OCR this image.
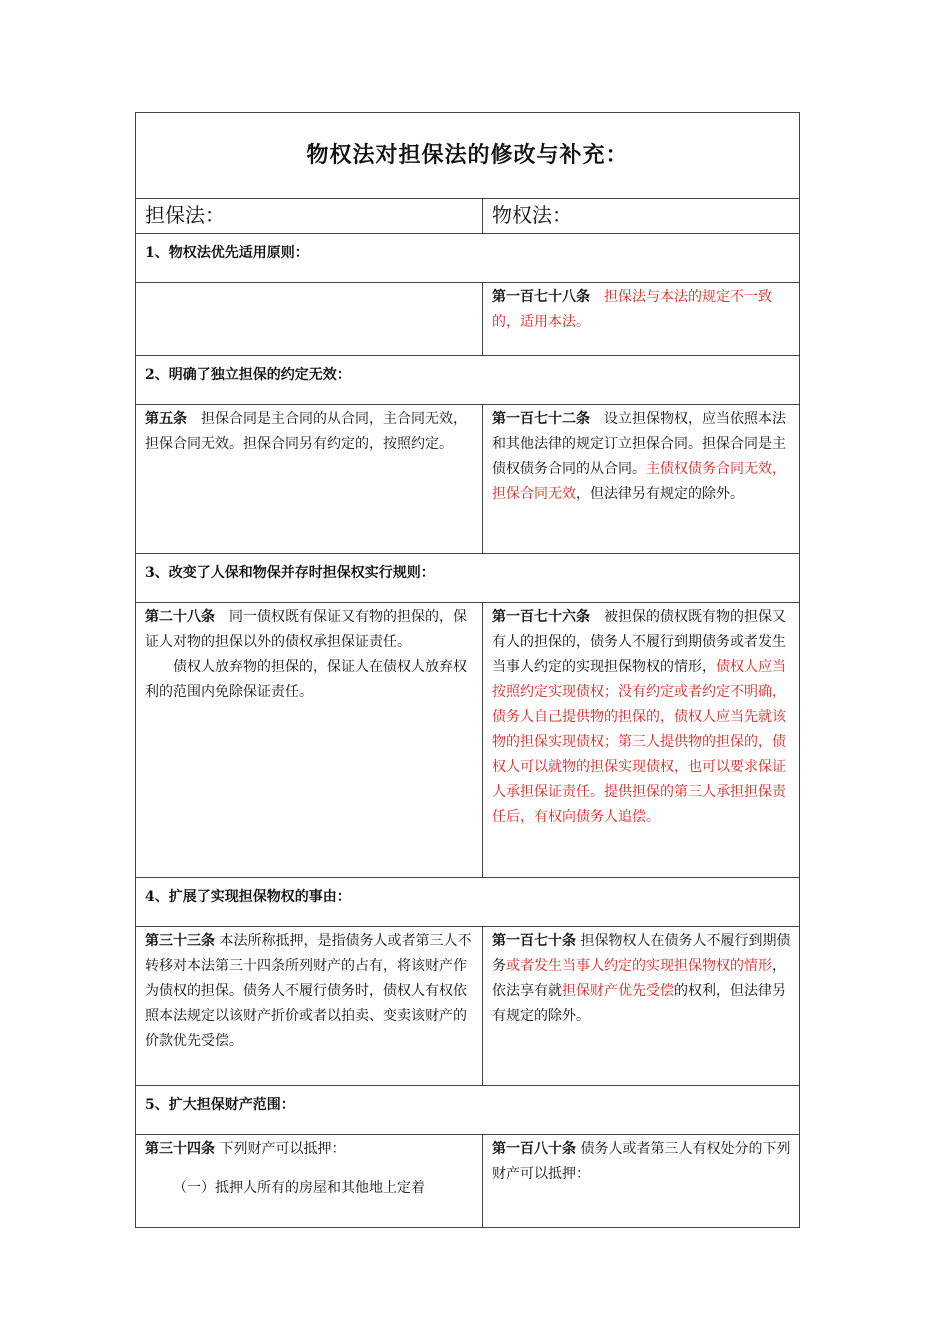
物权法对担保法的修改与补充：	
担保法：	物权法：
1、物权法优先适用原则：	
	第一百七十八条　 担保法与本法的规定不一致的，适用本法。
2、明确了独立担保的约定无效：	
第五条　担保合同是主合同的从合同，主合同无效，担保合同无效。担保合同另有约定的，按照约定。	第一百七十二条　设立担保物权，应当依照本法和其他法律的规定订立担保合同。担保合同是主债权债务合同的从合同。主债权债务合同无效，担保合同无效，但法律另有规定的除外。
3、改变了人保和物保并存时担保权实行规则：	

第二十八条　同一债权既有保证又有物的担保的，保证人对物的担保以外的债权承担保证责任。
债权人放弃物的担保的，保证人在债权人放弃权利的范围内免除保证责任。	第一百七十六条　被担保的债权既有物的担保又有人的担保的，债务人不履行到期债务或者发生当事人约定的实现担保物权的情形，债权人应当按照约定实现债权；没有约定或者约定不明确，债务人自己提供物的担保的，债权人应当先就该物的担保实现债权；第三人提供物的担保的，债权人可以就物的担保实现债权，也可以要求保证人承担保证责任。提供担保的第三人承担担保责任后，有权向债务人追偿。
4、扩展了实现担保物权的事由：	
第三十三条 本法所称抵押，是指债务人或者第三人不转移对本法第三十四条所列财产的占有，将该财产作为债权的担保。债务人不履行债务时，债权人有权依照本法规定以该财产折价或者以拍卖、变卖该财产的价款优先受偿。	第一百七十条 担保物权人在债务人不履行到期债务或者发生当事人约定的实现担保物权的情形，依法享有就担保财产优先受偿的权利，但法律另有规定的除外。
5、扩大担保财产范围：	

第三十四条 下列财产可以抵押：
（一）抵押人所有的房屋和其他地上定着	第一百八十条 债务人或者第三人有权处分的下列财产可以抵押：
